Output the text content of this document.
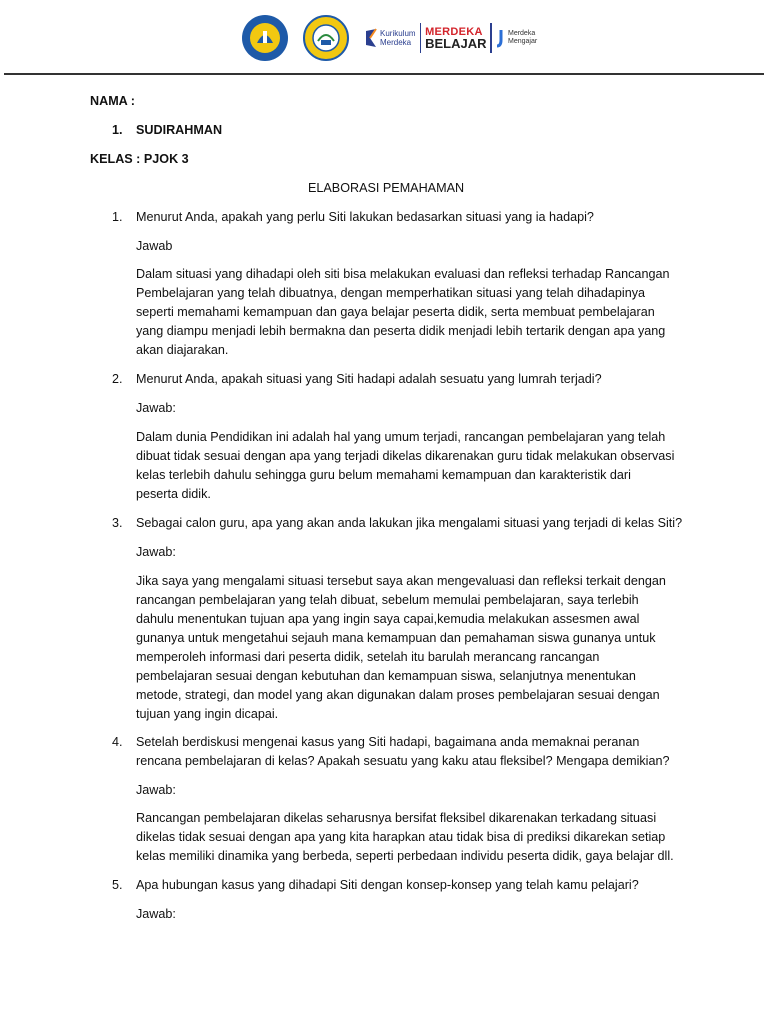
Kurikulum
Merdeka
MERDEKA
BELAJAR
Merdeka
Mengajar
NAMA :
1. SUDIRAHMAN
KELAS : PJOK 3
ELABORASI PEMAHAMAN
1. Menurut Anda, apakah yang perlu Siti lakukan bedasarkan situasi yang ia hadapi?
Jawab
Dalam situasi yang dihadapi oleh siti bisa melakukan evaluasi dan refleksi terhadap Rancangan
Pembelajaran yang telah dibuatnya, dengan memperhatikan situasi yang telah dihadapinya
seperti memahami kemampuan dan gaya belajar peserta didik, serta membuat pembelajaran
yang diampu menjadi lebih bermakna dan peserta didik menjadi lebih tertarik dengan apa yang
akan diajarakan.
2. Menurut Anda, apakah situasi yang Siti hadapi adalah sesuatu yang lumrah terjadi?
Jawab:
Dalam dunia Pendidikan ini adalah hal yang umum terjadi, rancangan pembelajaran yang telah
dibuat tidak sesuai dengan apa yang terjadi dikelas dikarenakan guru tidak melakukan observasi
kelas terlebih dahulu sehingga guru belum memahami kemampuan dan karakteristik dari
peserta didik.
3. Sebagai calon guru, apa yang akan anda lakukan jika mengalami situasi yang terjadi di kelas Siti?
Jawab:
Jika saya yang mengalami situasi tersebut saya akan mengevaluasi dan refleksi terkait dengan
rancangan pembelajaran yang telah dibuat, sebelum memulai pembelajaran, saya terlebih
dahulu menentukan tujuan apa yang ingin saya capai,kemudia melakukan assesmen awal
gunanya untuk mengetahui sejauh mana kemampuan dan pemahaman siswa gunanya untuk
memperoleh informasi dari peserta didik, setelah itu barulah merancang rancangan
pembelajaran sesuai dengan kebutuhan dan kemampuan siswa, selanjutnya menentukan
metode, strategi, dan model yang akan digunakan dalam proses pembelajaran sesuai dengan
tujuan yang ingin dicapai.
4. Setelah berdiskusi mengenai kasus yang Siti hadapi, bagaimana anda memaknai peranan
rencana pembelajaran di kelas? Apakah sesuatu yang kaku atau fleksibel? Mengapa demikian?
Jawab:
Rancangan pembelajaran dikelas seharusnya bersifat fleksibel dikarenakan terkadang situasi
dikelas tidak sesuai dengan apa yang kita harapkan atau tidak bisa di prediksi dikarekan setiap
kelas memiliki dinamika yang berbeda, seperti perbedaan individu peserta didik, gaya belajar dll.
5. Apa hubungan kasus yang dihadapi Siti dengan konsep-konsep yang telah kamu pelajari?
Jawab:
